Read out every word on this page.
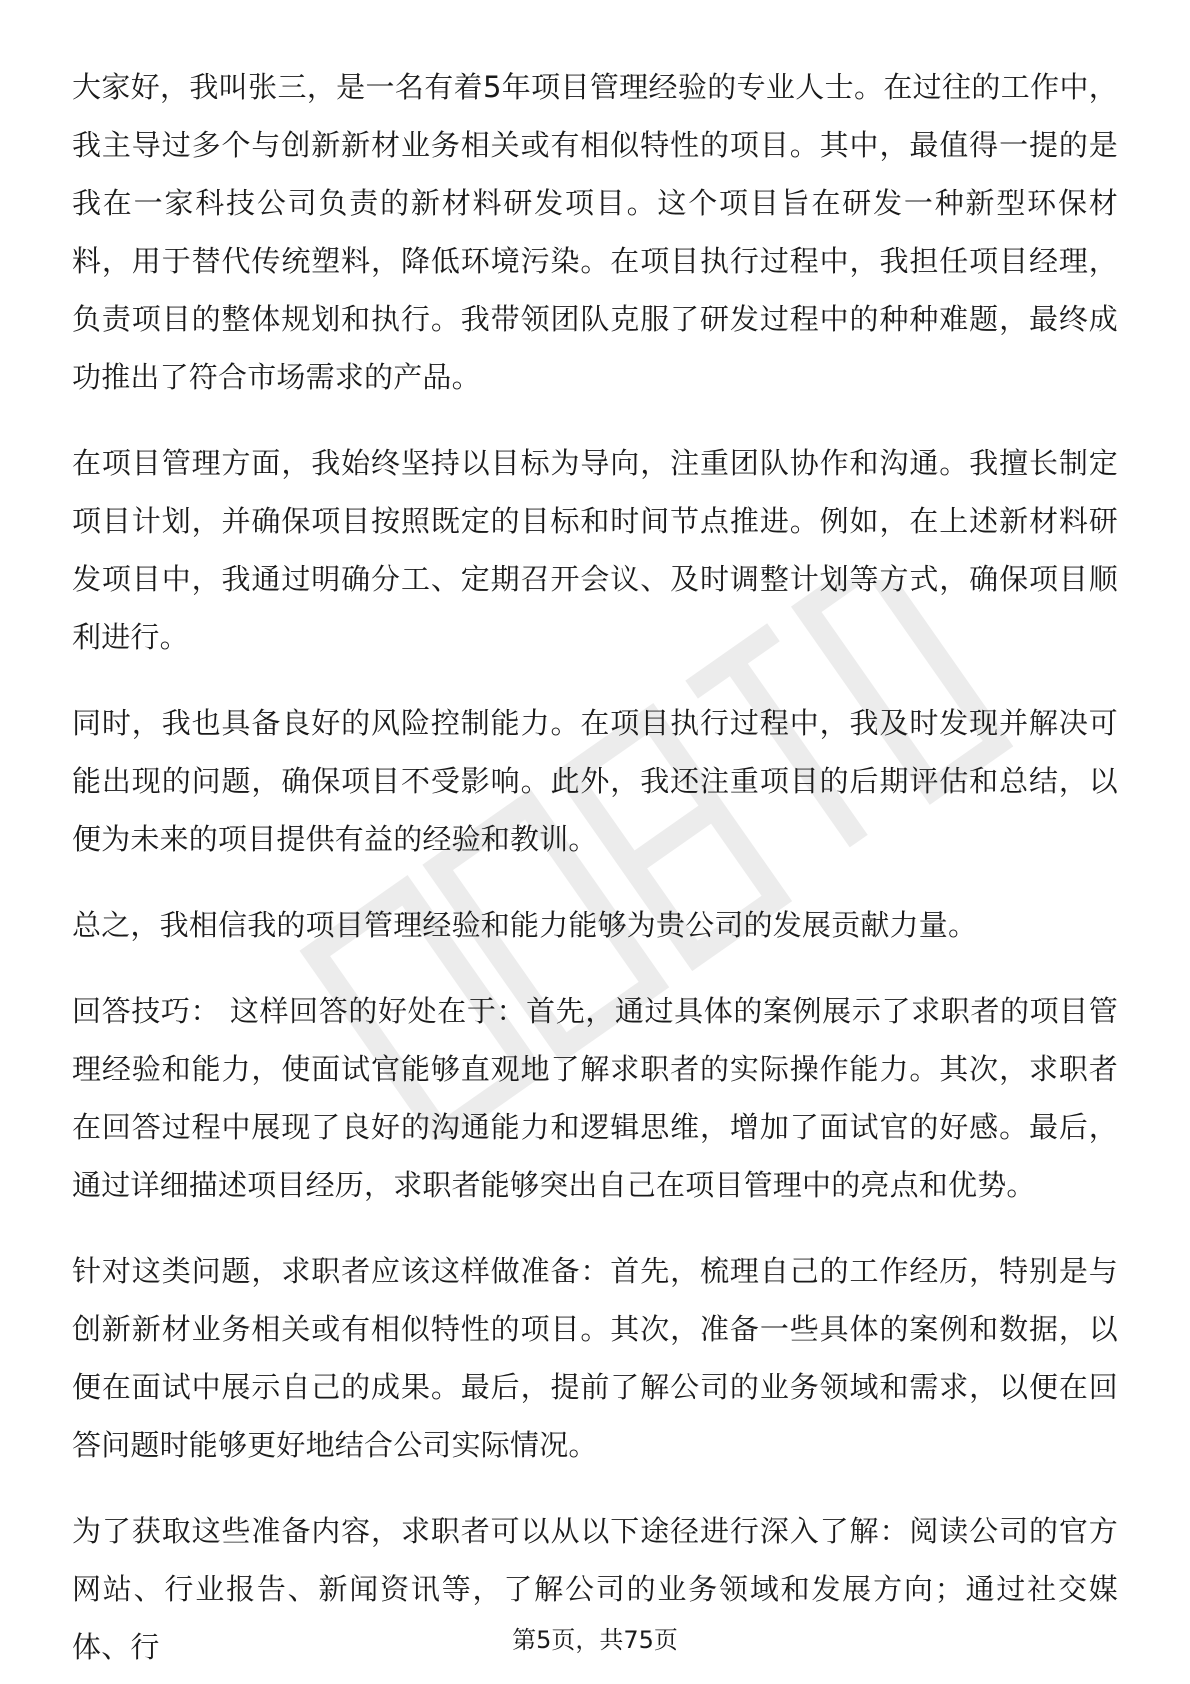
大家好，我叫张三，是一名有着5年项目管理经验的专业人士。在过往的工作中，我主导过多个与创新新材业务相关或有相似特性的项目。其中，最值得一提的是我在一家科技公司负责的新材料研发项目。这个项目旨在研发一种新型环保材料，用于替代传统塑料，降低环境污染。在项目执行过程中，我担任项目经理，负责项目的整体规划和执行。我带领团队克服了研发过程中的种种难题，最终成功推出了符合市场需求的产品。

在项目管理方面，我始终坚持以目标为导向，注重团队协作和沟通。我擅长制定项目计划，并确保项目按照既定的目标和时间节点推进。例如，在上述新材料研发项目中，我通过明确分工、定期召开会议、及时调整计划等方式，确保项目顺利进行。

同时，我也具备良好的风险控制能力。在项目执行过程中，我及时发现并解决可能出现的问题，确保项目不受影响。此外，我还注重项目的后期评估和总结，以便为未来的项目提供有益的经验和教训。

总之，我相信我的项目管理经验和能力能够为贵公司的发展贡献力量。

回答技巧： 这样回答的好处在于：首先，通过具体的案例展示了求职者的项目管理经验和能力，使面试官能够直观地了解求职者的实际操作能力。其次，求职者在回答过程中展现了良好的沟通能力和逻辑思维，增加了面试官的好感。最后，通过详细描述项目经历，求职者能够突出自己在项目管理中的亮点和优势。

针对这类问题，求职者应该这样做准备：首先，梳理自己的工作经历，特别是与创新新材业务相关或有相似特性的项目。其次，准备一些具体的案例和数据，以便在面试中展示自己的成果。最后，提前了解公司的业务领域和需求，以便在回答问题时能够更好地结合公司实际情况。

为了获取这些准备内容，求职者可以从以下途径进行深入了解：阅读公司的官方网站、行业报告、新闻资讯等，了解公司的业务领域和发展方向；通过社交媒体、行	第5页，共75页
